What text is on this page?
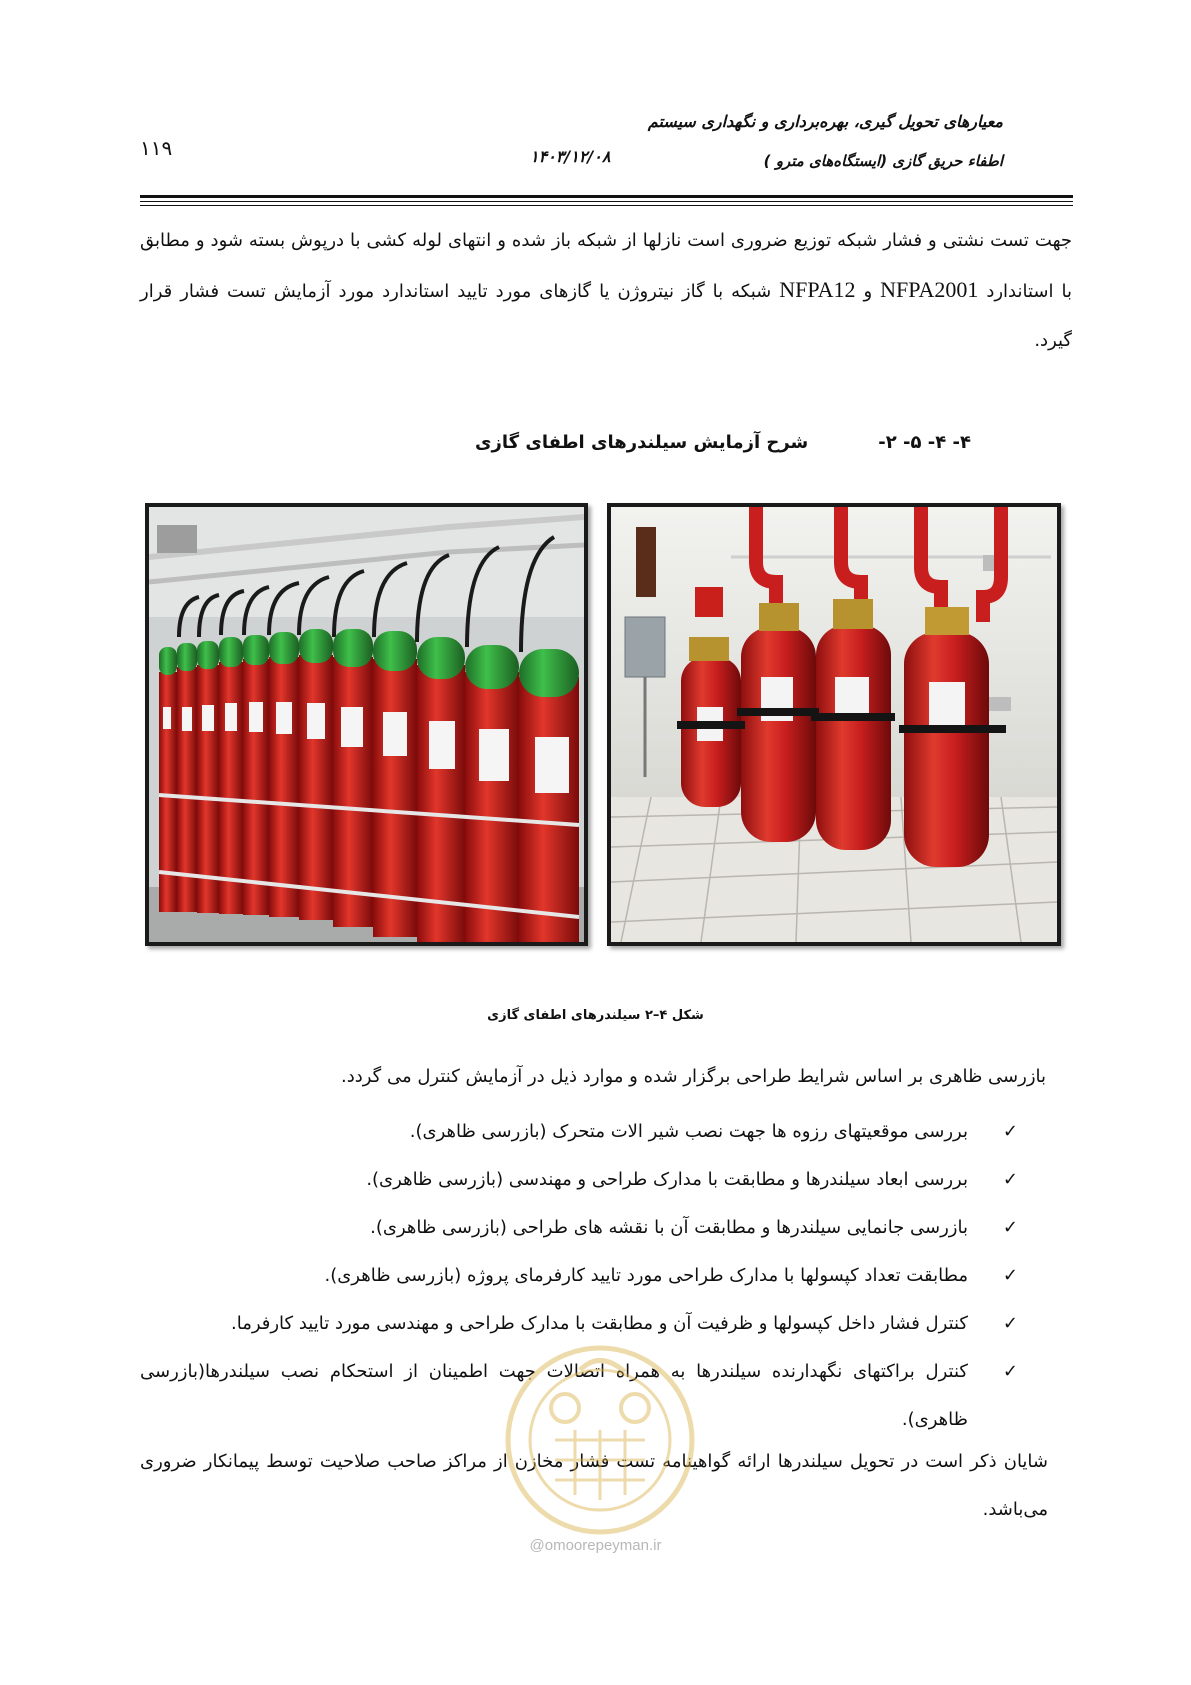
معیارهای تحویل گیری، بهره‌برداری و نگهداری سیستم
اطفاء حریق گازی (ایستگاه‌های مترو )
۱۴۰۳/۱۲/۰۸
۱۱۹
جهت تست نشتی و فشار شبکه توزیع ضروری است نازلها از شبکه باز شده و انتهای لوله کشی با درپوش بسته شود و مطابق با استاندارد NFPA2001 و NFPA12 شبکه با گاز نیتروژن یا گازهای مورد تایید استاندارد مورد آزمایش تست فشار قرار گیرد.
۴- ۴- ۵- ۲-شرح آزمایش سیلندرهای اطفای گازی
شکل ۴–۲ سیلندرهای اطفای گازی
بازرسی ظاهری بر اساس شرایط طراحی برگزار شده و موارد ذیل در آزمایش کنترل می گردد.
✓
بررسی موقعیتهای رزوه ها جهت نصب شیر الات متحرک (بازرسی ظاهری).
✓
بررسی ابعاد سیلندرها و مطابقت با مدارک طراحی و مهندسی (بازرسی ظاهری).
✓
بازرسی جانمایی سیلندرها و مطابقت آن با نقشه های طراحی (بازرسی ظاهری).
✓
مطابقت تعداد کپسولها با مدارک طراحی مورد تایید کارفرمای پروژه (بازرسی ظاهری).
✓
کنترل فشار داخل کپسولها و ظرفیت آن و مطابقت با مدارک طراحی و مهندسی مورد تایید کارفرما.
✓
کنترل براکتهای نگهدارنده سیلندرها به همراه اتصالات جهت اطمینان از استحکام نصب سیلندرها(بازرسی ظاهری).
شایان ذکر است در تحویل سیلندرها ارائه گواهینامه تست فشار مخازن از مراکز صاحب صلاحیت توسط پیمانکار ضروری می‌باشد.
@omoorepeyman.ir
